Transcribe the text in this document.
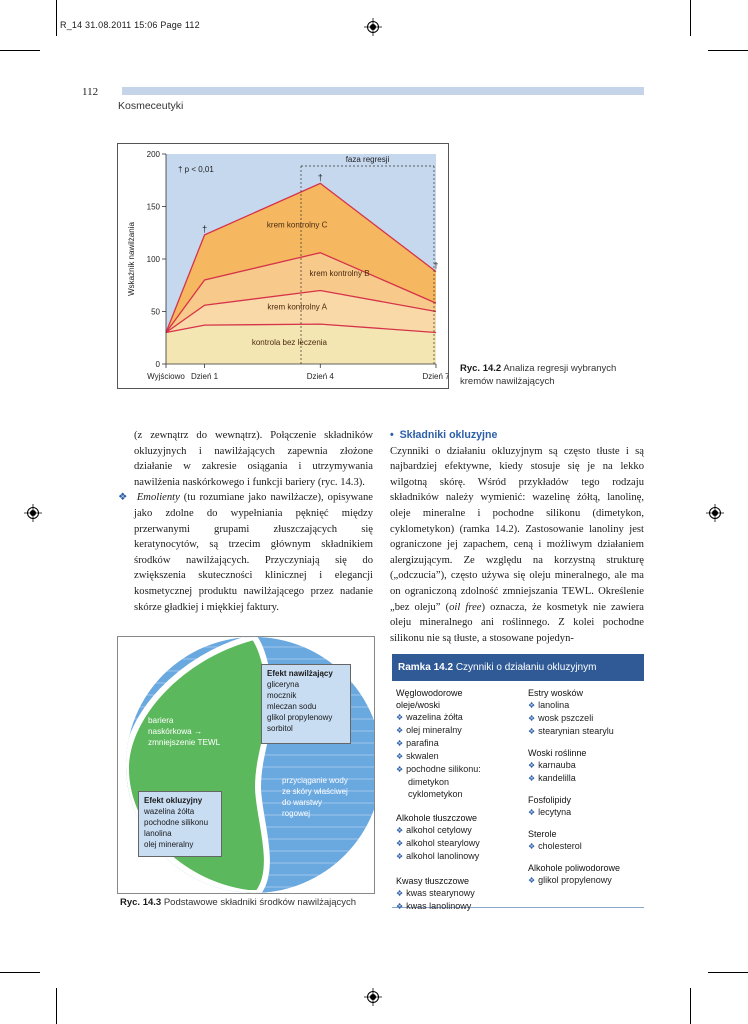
R_14 31.08.2011 15:06 Page 112
112
Kosmeceutyki
0
50
100
150
200
Wyjściowo Dzień 1	Dzień 4	Dzień 7
Wskaźnik nawilżania	krem kontrolny C
krem kontrolny B
krem kontrolny A
kontrola bez leczenia
†
†
†
† p < 0,01
faza regresji
Ryc. 14.2 Analiza regresji wybranych kremów nawilżających

(z zewnątrz do wewnątrz). Połączenie składników okluzyjnych i nawilżających zapewnia złożone działanie w zakresie osiągania i utrzymywania nawilżenia naskórkowego i funkcji bariery (ryc. 14.3).

❖ Emolienty (tu rozumiane jako nawilżacze), opisywane jako zdolne do wypełniania pęknięć między przerwanymi grupami złuszczających się keratynocytów, są trzecim głównym składnikiem środków nawilżających. Przyczyniają się do zwiększenia skuteczności klinicznej i elegancji kosmetycznej produktu nawilżającego przez nadanie skórze gładkiej i miękkiej faktury.

• Składniki okluzyjne

Czynniki o działaniu okluzyjnym są często tłuste i są najbardziej efektywne, kiedy stosuje się je na lekko wilgotną skórę. Wśród przykładów tego rodzaju składników należy wymienić: wazelinę żółtą, lanolinę, oleje mineralne i pochodne silikonu (dimetykon, cyklometykon) (ramka 14.2). Zastosowanie lanoliny jest ograniczone jej zapachem, ceną i możliwym działaniem alergizującym. Ze względu na korzystną strukturę („odczucia”), często używa się oleju mineralnego, ale ma on ograniczoną zdolność zmniejszania TEWL. Określenie „bez oleju” (oil free) oznacza, że kosmetyk nie zawiera oleju mineralnego ani roślinnego. Z kolei pochodne silikonu nie są tłuste, a stosowane pojedyn-

bariera
naskórkowa →
zmniejszenie TEWL
Efekt nawilżający
gliceryna
mocznik
mleczan sodu
glikol propylenowy
sorbitol
przyciąganie wody
ze skóry właściwej
do warstwy
rogowej
Efekt okluzyjny
wazelina żółta
pochodne silikonu
lanolina
olej mineralny
Ryc. 14.3 Podstawowe składniki środków nawilżających
Ramka 14.2 Czynniki o działaniu okluzyjnym
Węglowodorowe
oleje/woski
❖ wazelina żółta
❖ olej mineralny
❖ parafina
❖ skwalen
❖ pochodne silikonu:
dimetykon
cyklometykon
Alkohole tłuszczowe
❖ alkohol cetylowy
❖ alkohol stearylowy
❖ alkohol lanolinowy
Kwasy tłuszczowe
❖ kwas stearynowy
❖ kwas lanolinowy
Estry wosków
❖ lanolina
❖ wosk pszczeli
❖ stearynian stearylu
Woski roślinne
❖ karnauba
❖ kandelilla
Fosfolipidy
❖ lecytyna
Sterole
❖ cholesterol
Alkohole poliwodorowe
❖ glikol propylenowy
